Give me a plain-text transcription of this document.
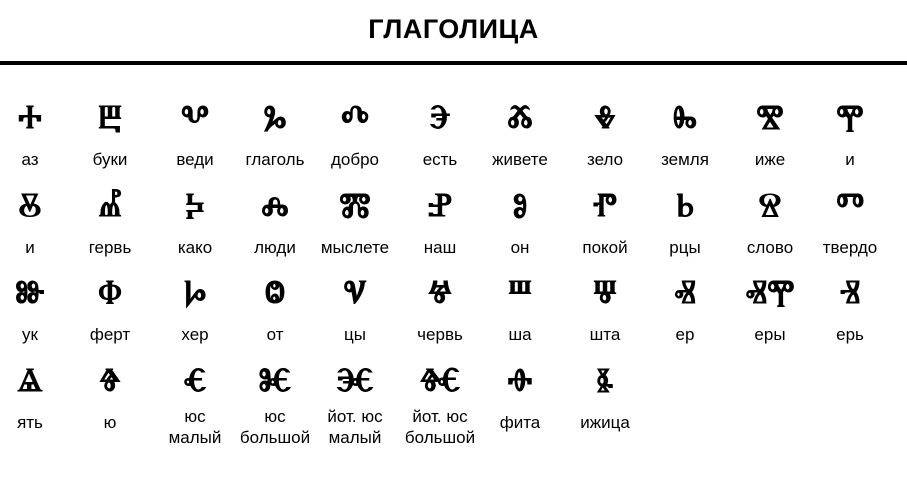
ГЛАГОЛИЦА
Ⰰ
аз
Ⰱ
буки
Ⰲ
веди
Ⰳ
глаголь
Ⰴ
добро
Ⰵ
есть
Ⰶ
живете
Ⰷ
зело
Ⰸ
земля
Ⰺ
иже
Ⰹ
и
Ⰻ
и
Ⰼ
гервь
Ⰽ
како
Ⰾ
люди
Ⰿ
мыслете
Ⱀ
наш
Ⱁ
он
Ⱂ
покой
Ⱃ
рцы
Ⱄ
слово
Ⱅ
твердо
Ⱆ
ук
Ⱇ
ферт
Ⱈ
хер
Ⱉ
от
Ⱌ
цы
Ⱍ
червь
Ⱎ
ша
Ⱋ
шта
Ⱏ
ер
ⰟⰉ
еры
Ⱐ
ерь
Ⱑ
ять
Ⱖ
ю
Ⱔ
юс
малый
Ⱘ
юс
большой
Ⱗ
йот. юс
малый
Ⱙ
йот. юс
большой
Ⱚ
фита
Ⱛ
ижица
